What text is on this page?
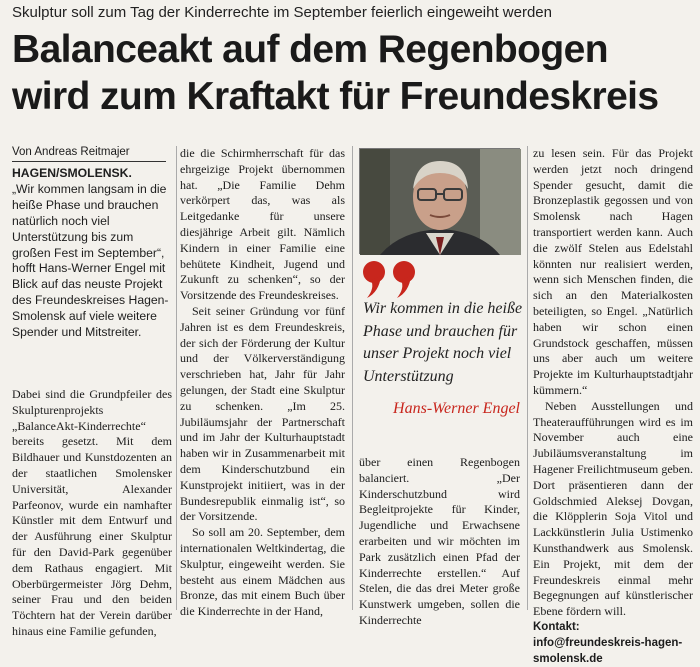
Skulptur soll zum Tag der Kinderrechte im September feierlich eingeweiht werden
Balanceakt auf dem Regenbogen
wird zum Kraftakt für Freundeskreis
Von Andreas Reitmajer
HAGEN/SMOLENSK.
„Wir kommen langsam in die heiße Phase und brauchen natürlich noch viel Unterstützung bis zum großen Fest im September“, hofft Hans-Werner Engel mit Blick auf das neuste Projekt des Freundeskreises Hagen-Smolensk auf viele weitere Spender und Mitstreiter.

Dabei sind die Grundpfeiler des Skulpturenprojekts „BalanceAkt-Kinderrechte“ bereits gesetzt. Mit dem Bildhauer und Kunstdozenten an der staatlichen Smolensker Universität, Alexander Parfeonov, wurde ein namhafter Künstler mit dem Entwurf und der Ausführung einer Skulptur für den David-Park gegenüber dem Rathaus engagiert. Mit Oberbürgermeister Jörg Dehm, seiner Frau und den beiden Töchtern hat der Verein darüber hinaus eine Familie gefunden,

die die Schirmherrschaft für das ehrgeizige Projekt übernommen hat. „Die Familie Dehm verkörpert das, was als Leitgedanke für unsere diesjährige Arbeit gilt. Nämlich Kindern in einer Familie eine behütete Kindheit, Jugend und Zukunft zu schenken“, so der Vorsitzende des Freundeskreises.

Seit seiner Gründung vor fünf Jahren ist es dem Freundeskreis, der sich der Förderung der Kultur und der Völkerverständigung verschrieben hat, Jahr für Jahr gelungen, der Stadt eine Skulptur zu schenken. „Im 25. Jubiläumsjahr der Partnerschaft und im Jahr der Kulturhauptstadt haben wir in Zusammenarbeit mit dem Kinderschutzbund ein Kunstprojekt initiiert, was in der Bundesrepublik einmalig ist“, so der Vorsitzende.

So soll am 20. September, dem internationalen Weltkindertag, die Skulptur, eingeweiht werden. Sie besteht aus einem Mädchen aus Bronze, das mit einem Buch über die Kinderrechte in der Hand,

Wir kommen in die heiße Phase und brauchen für unser Projekt noch viel Unterstützung
Hans-Werner Engel

über einen Regenbogen balanciert. „Der Kinderschutzbund wird Begleitprojekte für Kinder, Jugendliche und Erwachsene erarbeiten und wir möchten im Park zusätzlich einen Pfad der Kinderrechte erstellen.“ Auf Stelen, die das drei Meter große Kunstwerk umgeben, sollen die Kinderrechte

zu lesen sein. Für das Projekt werden jetzt noch dringend Spender gesucht, damit die Bronzeplastik gegossen und von Smolensk nach Hagen transportiert werden kann. Auch die zwölf Stelen aus Edelstahl könnten nur realisiert werden, wenn sich Menschen finden, die sich an den Materialkosten beteiligten, so Engel. „Natürlich haben wir schon einen Grundstock geschaffen, müssen uns aber auch um weitere Projekte im Kulturhauptstadtjahr kümmern.“

Neben Ausstellungen und Theateraufführungen wird es im November auch eine Jubiläumsveranstaltung im Hagener Freilichtmuseum geben. Dort präsentieren dann der Goldschmied Aleksej Dovgan, die Klöpplerin Soja Vitol und Lackkünstlerin Julia Ustimenko Kunsthandwerk aus Smolensk. Ein Projekt, mit dem der Freundeskreis einmal mehr Begegnungen auf künstlerischer Ebene fördern will.

Kontakt: info@freundeskreis-hagen-smolensk.de
